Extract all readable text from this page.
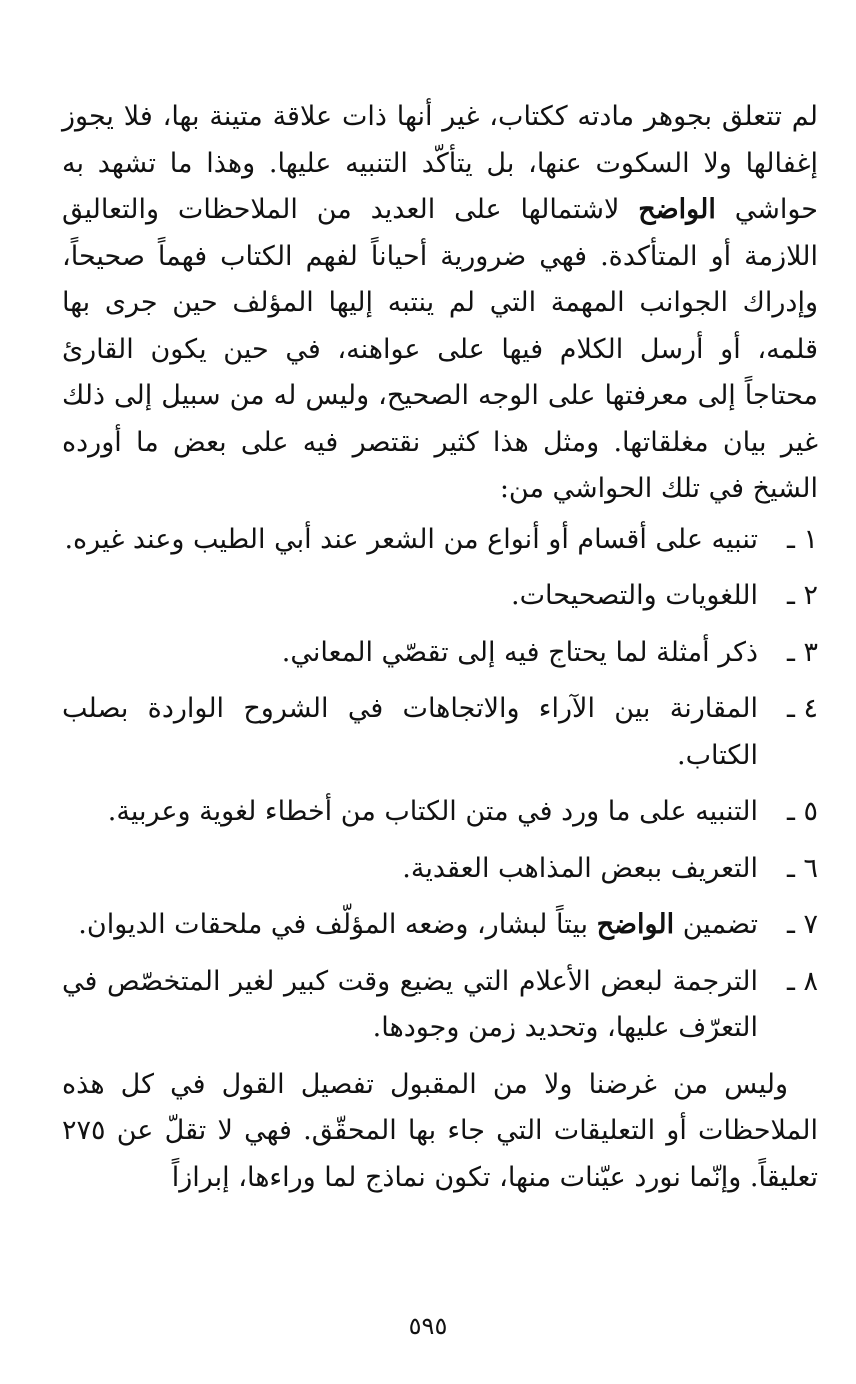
لم تتعلق بجوهر مادته ككتاب، غير أنها ذات علاقة متينة بها، فلا يجوز إغفالها ولا السكوت عنها، بل يتأكّد التنبيه عليها. وهذا ما تشهد به حواشي الواضح لاشتمالها على العديد من الملاحظات والتعاليق اللازمة أو المتأكدة. فهي ضرورية أحياناً لفهم الكتاب فهماً صحيحاً، وإدراك الجوانب المهمة التي لم ينتبه إليها المؤلف حين جرى بها قلمه، أو أرسل الكلام فيها على عواهنه، في حين يكون القارئ محتاجاً إلى معرفتها على الوجه الصحيح، وليس له من سبيل إلى ذلك غير بيان مغلقاتها. ومثل هذا كثير نقتصر فيه على بعض ما أورده الشيخ في تلك الحواشي من:

١ ـ
تنبيه على أقسام أو أنواع من الشعر عند أبي الطيب وعند غيره.
٢ ـ
اللغويات والتصحيحات.
٣ ـ
ذكر أمثلة لما يحتاج فيه إلى تقصّي المعاني.
٤ ـ
المقارنة بين الآراء والاتجاهات في الشروح الواردة بصلب الكتاب.
٥ ـ
التنبيه على ما ورد في متن الكتاب من أخطاء لغوية وعربية.
٦ ـ
التعريف ببعض المذاهب العقدية.
٧ ـ
تضمين الواضح بيتاً لبشار، وضعه المؤلّف في ملحقات الديوان.
٨ ـ
الترجمة لبعض الأعلام التي يضيع وقت كبير لغير المتخصّص في التعرّف عليها، وتحديد زمن وجودها.

وليس من غرضنا ولا من المقبول تفصيل القول في كل هذه الملاحظات أو التعليقات التي جاء بها المحقّق. فهي لا تقلّ عن ٢٧٥ تعليقاً. وإنّما نورد عيّنات منها، تكون نماذج لما وراءها، إبرازاً

٥٩٥
